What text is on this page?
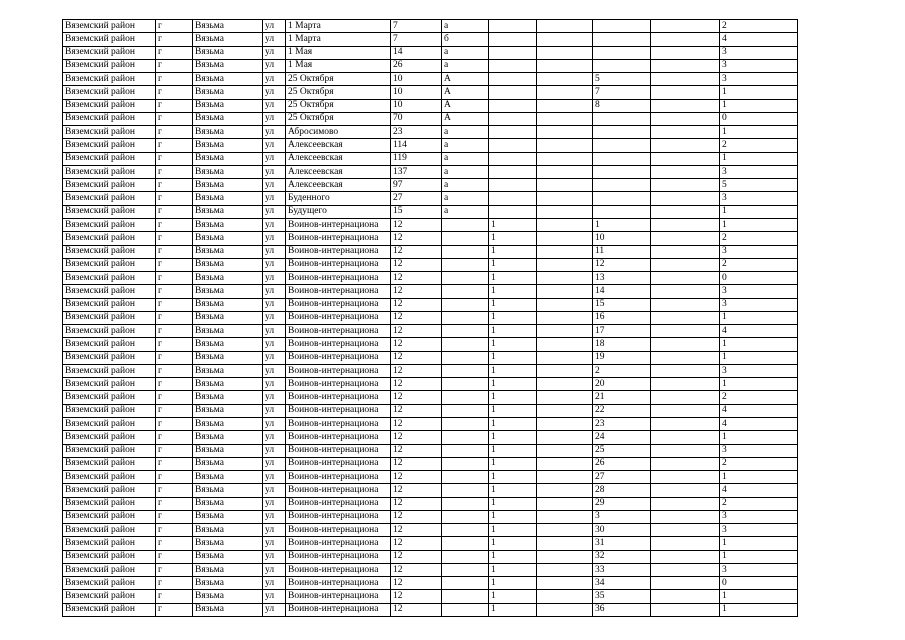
Вяземский район	г	Вязьма	ул	1 Марта	7	а					2
Вяземский район	г	Вязьма	ул	1 Марта	7	б					4
Вяземский район	г	Вязьма	ул	1 Мая	14	а					3
Вяземский район	г	Вязьма	ул	1 Мая	26	а					3
Вяземский район	г	Вязьма	ул	25 Октября	10	А			5		3
Вяземский район	г	Вязьма	ул	25 Октября	10	А			7		1
Вяземский район	г	Вязьма	ул	25 Октября	10	А			8		1
Вяземский район	г	Вязьма	ул	25 Октября	70	А					0
Вяземский район	г	Вязьма	ул	Абросимово	23	а					1
Вяземский район	г	Вязьма	ул	Алексеевская	114	а					2
Вяземский район	г	Вязьма	ул	Алексеевская	119	а					1
Вяземский район	г	Вязьма	ул	Алексеевская	137	а					3
Вяземский район	г	Вязьма	ул	Алексеевская	97	а					5
Вяземский район	г	Вязьма	ул	Буденного	27	а					3
Вяземский район	г	Вязьма	ул	Будущего	15	а					1
Вяземский район	г	Вязьма	ул	Воинов-интернациона	12		1		1		1
Вяземский район	г	Вязьма	ул	Воинов-интернациона	12		1		10		2
Вяземский район	г	Вязьма	ул	Воинов-интернациона	12		1		11		3
Вяземский район	г	Вязьма	ул	Воинов-интернациона	12		1		12		2
Вяземский район	г	Вязьма	ул	Воинов-интернациона	12		1		13		0
Вяземский район	г	Вязьма	ул	Воинов-интернациона	12		1		14		3
Вяземский район	г	Вязьма	ул	Воинов-интернациона	12		1		15		3
Вяземский район	г	Вязьма	ул	Воинов-интернациона	12		1		16		1
Вяземский район	г	Вязьма	ул	Воинов-интернациона	12		1		17		4
Вяземский район	г	Вязьма	ул	Воинов-интернациона	12		1		18		1
Вяземский район	г	Вязьма	ул	Воинов-интернациона	12		1		19		1
Вяземский район	г	Вязьма	ул	Воинов-интернациона	12		1		2		3
Вяземский район	г	Вязьма	ул	Воинов-интернациона	12		1		20		1
Вяземский район	г	Вязьма	ул	Воинов-интернациона	12		1		21		2
Вяземский район	г	Вязьма	ул	Воинов-интернациона	12		1		22		4
Вяземский район	г	Вязьма	ул	Воинов-интернациона	12		1		23		4
Вяземский район	г	Вязьма	ул	Воинов-интернациона	12		1		24		1
Вяземский район	г	Вязьма	ул	Воинов-интернациона	12		1		25		3
Вяземский район	г	Вязьма	ул	Воинов-интернациона	12		1		26		2
Вяземский район	г	Вязьма	ул	Воинов-интернациона	12		1		27		1
Вяземский район	г	Вязьма	ул	Воинов-интернациона	12		1		28		4
Вяземский район	г	Вязьма	ул	Воинов-интернациона	12		1		29		2
Вяземский район	г	Вязьма	ул	Воинов-интернациона	12		1		3		3
Вяземский район	г	Вязьма	ул	Воинов-интернациона	12		1		30		3
Вяземский район	г	Вязьма	ул	Воинов-интернациона	12		1		31		1
Вяземский район	г	Вязьма	ул	Воинов-интернациона	12		1		32		1
Вяземский район	г	Вязьма	ул	Воинов-интернациона	12		1		33		3
Вяземский район	г	Вязьма	ул	Воинов-интернациона	12		1		34		0
Вяземский район	г	Вязьма	ул	Воинов-интернациона	12		1		35		1
Вяземский район	г	Вязьма	ул	Воинов-интернациона	12		1		36		1
